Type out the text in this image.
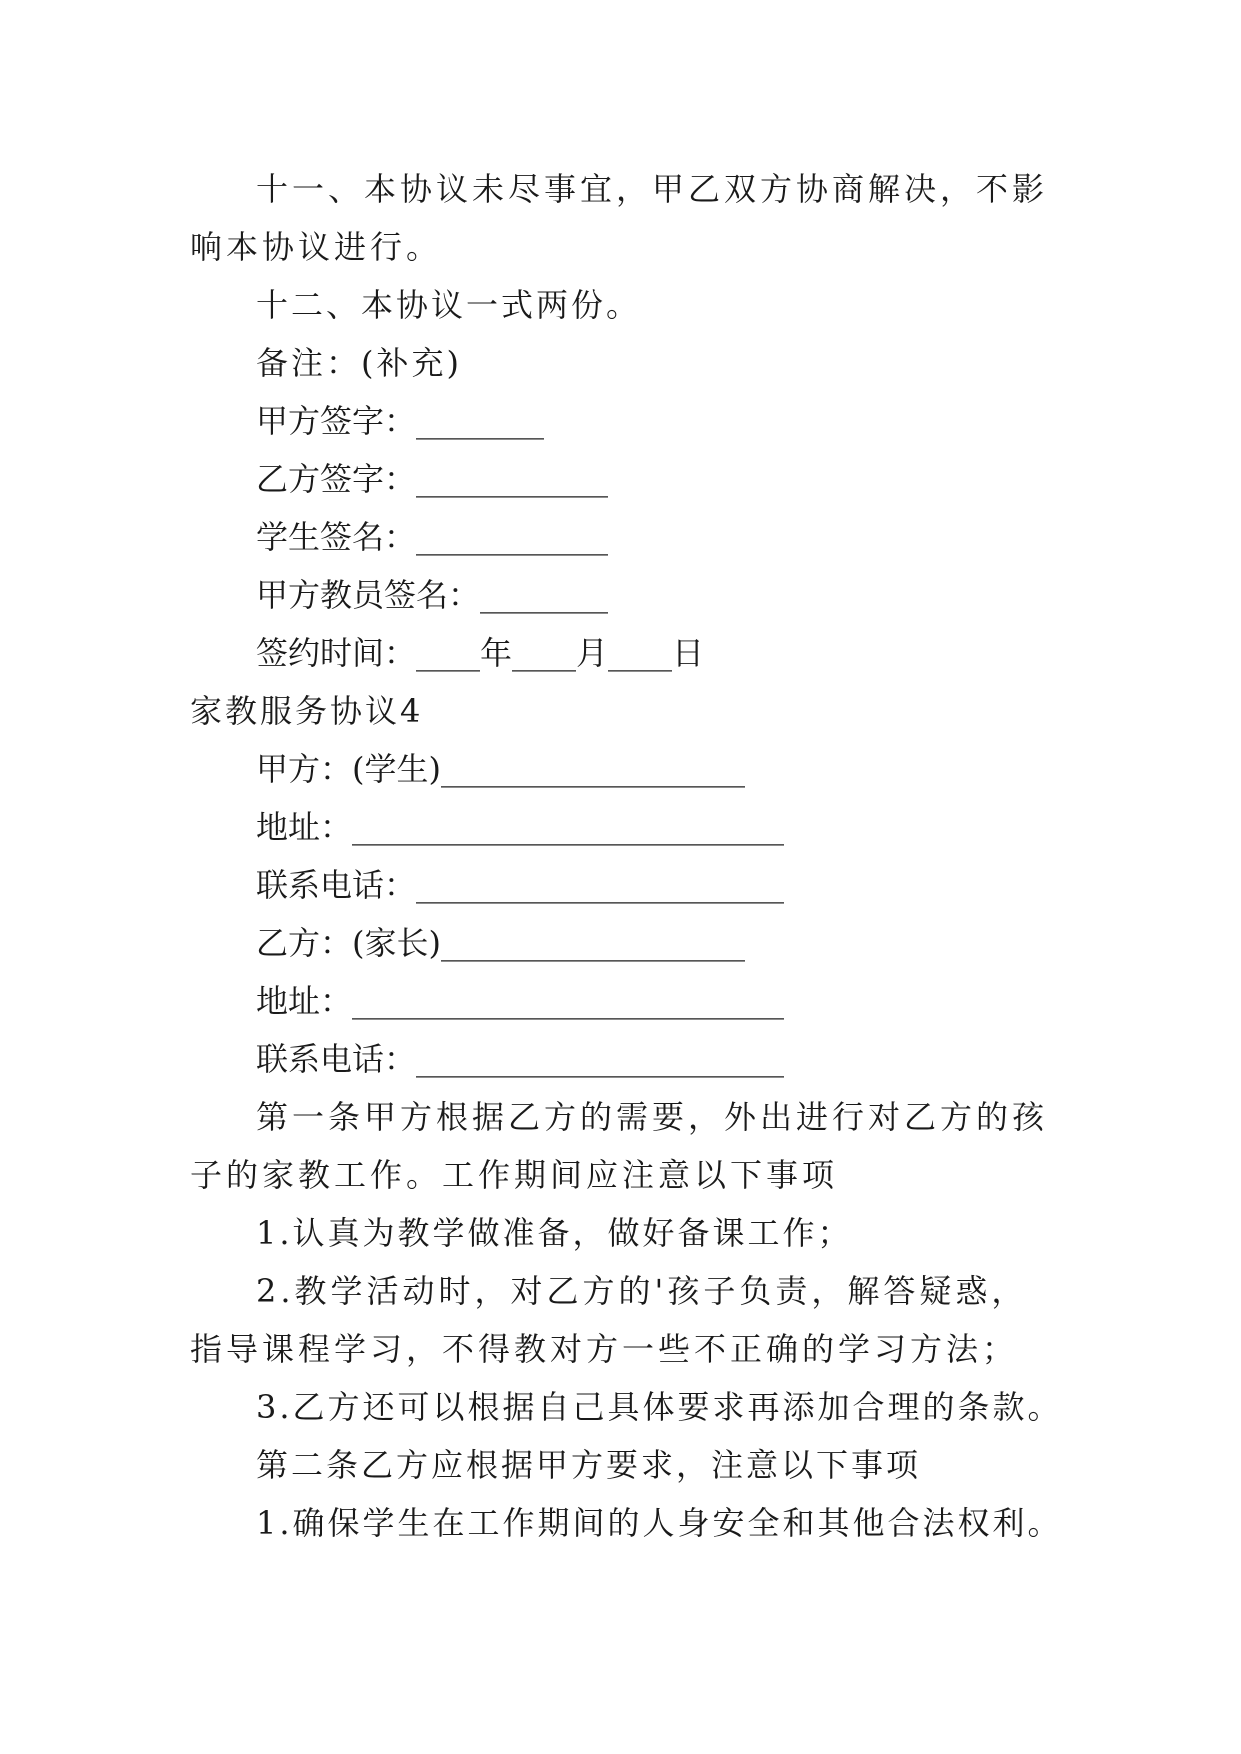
十一、本协议未尽事宜，甲乙双方协商解决，不影响本协议进行。

十二、本协议一式两份。

备注：(补充)

甲方签字：________

乙方签字：____________

学生签名：____________

甲方教员签名：________

签约时间：____年____月____日

家教服务协议4

甲方：(学生)___________________

地址：___________________________

联系电话：_______________________

乙方：(家长)___________________

地址：___________________________

联系电话：_______________________

第一条甲方根据乙方的需要，外出进行对乙方的孩子的家教工作。工作期间应注意以下事项

1.认真为教学做准备，做好备课工作；

2.教学活动时，对乙方的'孩子负责，解答疑惑，指导课程学习，不得教对方一些不正确的学习方法；

3.乙方还可以根据自己具体要求再添加合理的条款。

第二条乙方应根据甲方要求，注意以下事项

1.确保学生在工作期间的人身安全和其他合法权利。
